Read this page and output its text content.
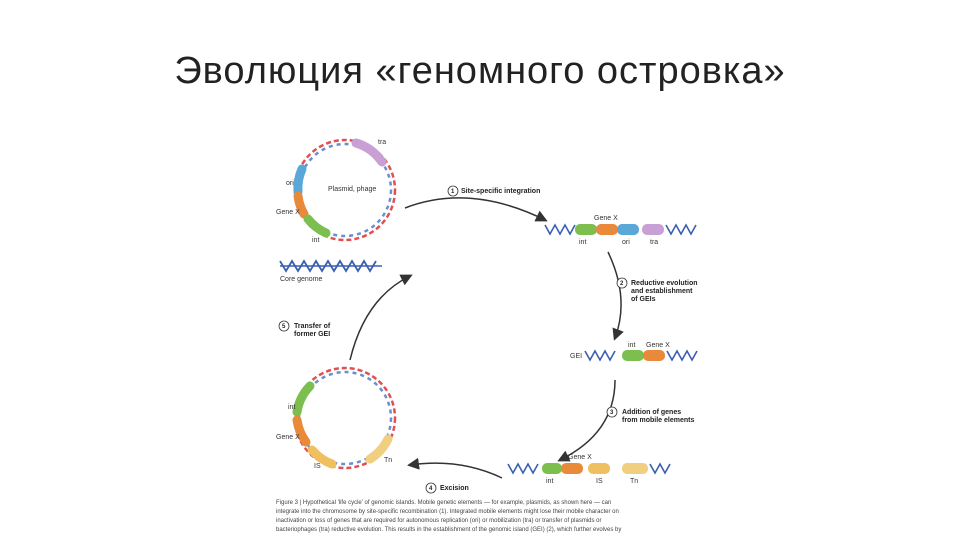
Эволюция «геномного островка»
tra
ori
Gene X
int
Plasmid, phage
Core genome
1 Site-specific integration
Gene X
int	ori	tra
2 Reductive evolution
and establishment
of GEIs
GEI
int Gene X
3 Addition of genes
from mobile elements
Gene X
int	IS	Tn
4 Excision
int
Gene X
IS
Tn
5 Transfer of
former GEI
Figure 3 | Hypothetical 'life cycle' of genomic islands. Mobile genetic elements — for example, plasmids, as shown here — can
integrate into the chromosome by site-specific recombination (1). Integrated mobile elements might lose their mobile character on
inactivation or loss of genes that are required for autonomous replication (ori) or mobilization (tra) or transfer of plasmids or
bacteriophages (tra) reductive evolution. This results in the establishment of the genomic island (GEI) (2), which further evolves by
